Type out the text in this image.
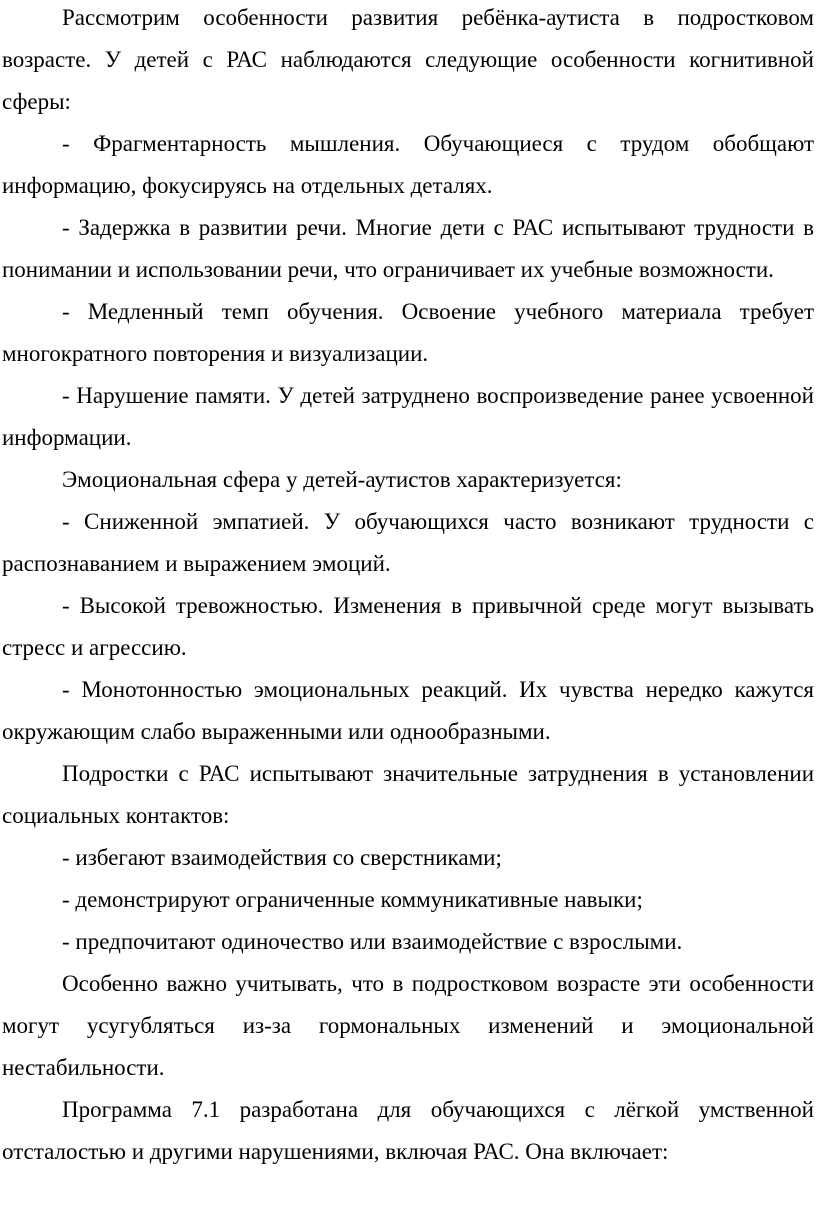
Рассмотрим особенности развития ребёнка-аутиста в подростковом возрасте. У детей с РАС наблюдаются следующие особенности когнитивной сферы:

- Фрагментарность мышления. Обучающиеся с трудом обобщают информацию, фокусируясь на отдельных деталях.

- Задержка в развитии речи. Многие дети с РАС испытывают трудности в понимании и использовании речи, что ограничивает их учебные возможности.

- Медленный темп обучения. Освоение учебного материала требует многократного повторения и визуализации.

- Нарушение памяти. У детей затруднено воспроизведение ранее усвоенной информации.

Эмоциональная сфера у детей-аутистов характеризуется:

- Сниженной эмпатией. У обучающихся часто возникают трудности с распознаванием и выражением эмоций.

- Высокой тревожностью. Изменения в привычной среде могут вызывать стресс и агрессию.

- Монотонностью эмоциональных реакций. Их чувства нередко кажутся окружающим слабо выраженными или однообразными.

Подростки с РАС испытывают значительные затруднения в установлении социальных контактов:

- избегают взаимодействия со сверстниками;

- демонстрируют ограниченные коммуникативные навыки;

- предпочитают одиночество или взаимодействие с взрослыми.

Особенно важно учитывать, что в подростковом возрасте эти особенности могут усугубляться из-за гормональных изменений и эмоциональной нестабильности.

Программа 7.1 разработана для обучающихся с лёгкой умственной отсталостью и другими нарушениями, включая РАС. Она включает:
